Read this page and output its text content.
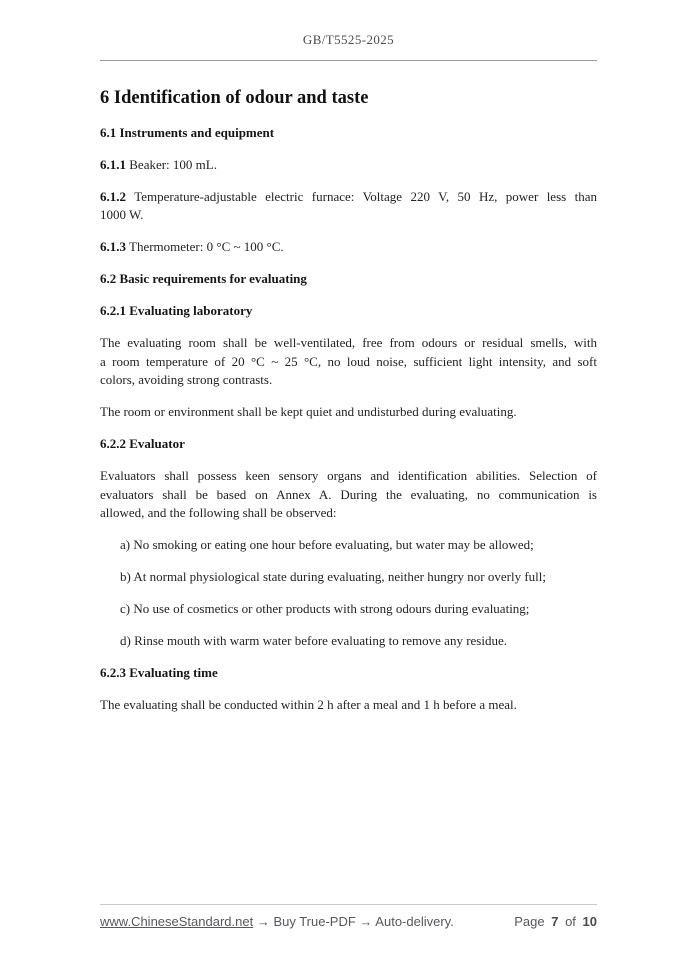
GB/T5525-2025
6 Identification of odour and taste

6.1 Instruments and equipment

6.1.1 Beaker: 100 mL.

6.1.2 Temperature-adjustable electric furnace: Voltage 220 V, 50 Hz, power less than
1000 W.

6.1.3 Thermometer: 0 °C ~ 100 °C.

6.2 Basic requirements for evaluating

6.2.1 Evaluating laboratory

The evaluating room shall be well-ventilated, free from odours or residual smells, with
a room temperature of 20 °C ~ 25 °C, no loud noise, sufficient light intensity, and soft
colors, avoiding strong contrasts.

The room or environment shall be kept quiet and undisturbed during evaluating.

6.2.2 Evaluator

Evaluators shall possess keen sensory organs and identification abilities. Selection of
evaluators shall be based on Annex A. During the evaluating, no communication is
allowed, and the following shall be observed:

a) No smoking or eating one hour before evaluating, but water may be allowed;

b) At normal physiological state during evaluating, neither hungry nor overly full;

c) No use of cosmetics or other products with strong odours during evaluating;

d) Rinse mouth with warm water before evaluating to remove any residue.

6.2.3 Evaluating time

The evaluating shall be conducted within 2 h after a meal and 1 h before a meal.

www.ChineseStandard.net → Buy True-PDF → Auto-delivery.	Page 7 of 10
